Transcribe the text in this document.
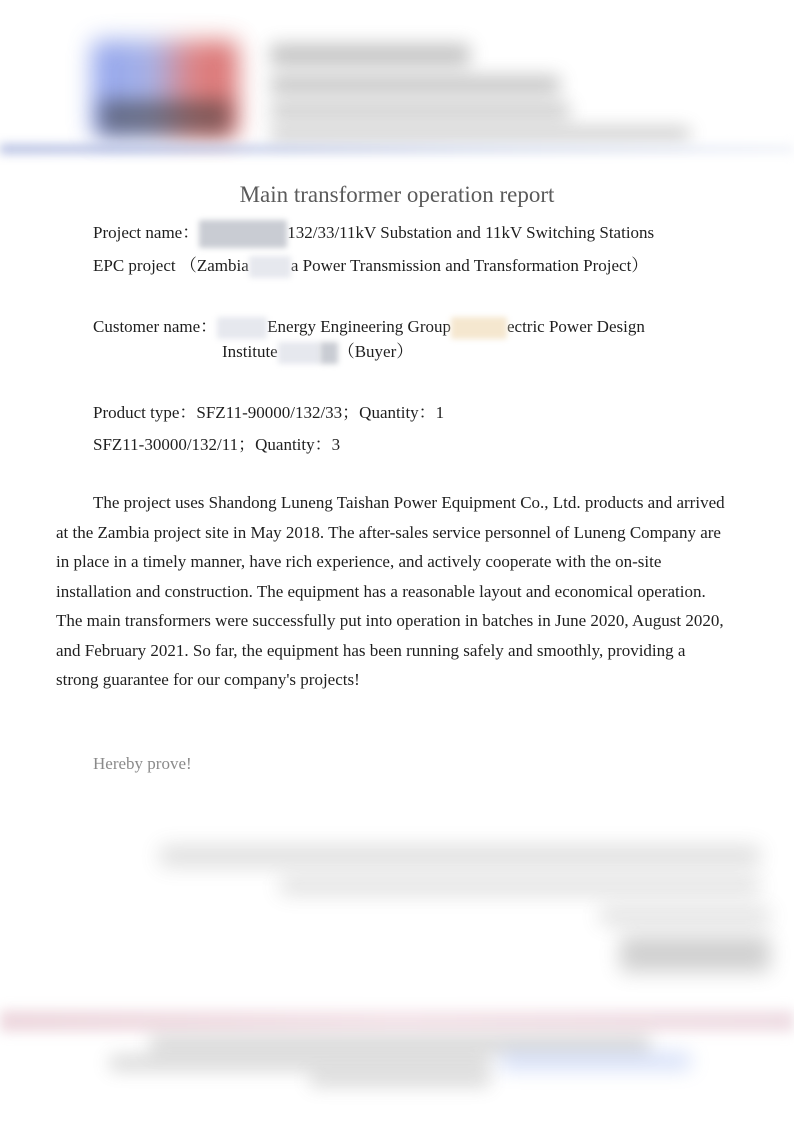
Main transformer operation report
Project name：	132/33/11kV Substation and 11kV Switching Stations
EPC project （Zambia a Power Transmission and Transformation Project）
Customer name：	Energy Engineering Group	ectric Power Design
Institute	（Buyer）
Product type：SFZ11-90000/132/33；Quantity：1
SFZ11-30000/132/11；Quantity：3
The project uses Shandong Luneng Taishan Power Equipment Co., Ltd. products and arrived at the Zambia project site in May 2018. The after-sales service personnel of Luneng Company are in place in a timely manner, have rich experience, and actively cooperate with the on-site installation and construction. The equipment has a reasonable layout and economical operation. The main transformers were successfully put into operation in batches in June 2020, August 2020, and February 2021. So far, the equipment has been running safely and smoothly, providing a strong guarantee for our company's projects!
Hereby prove!
